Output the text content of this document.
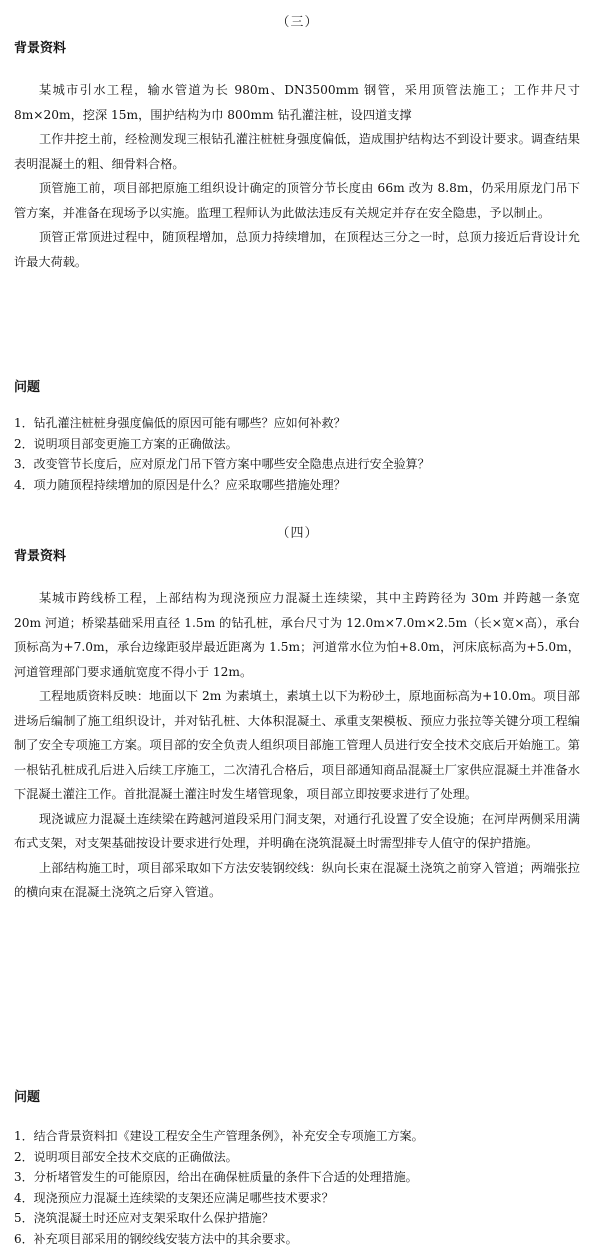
（三）
背景资料

某城市引水工程，输水管道为长 980m、DN3500mm 钢管，采用顶管法施工；工作井尺寸8m×20m，挖深 15m，围护结构为巾 800mm 钻孔灌注桩，设四道支撑

工作井挖土前，经检测发现三根钻孔灌注桩桩身强度偏低，造成围护结构达不到设计要求。调查结果表明混凝土的粗、细骨料合格。

顶管施工前，项目部把原施工组织设计确定的顶管分节长度由 66m 改为 8.8m，仍采用原龙门吊下管方案，并准备在现场予以实施。监理工程师认为此做法违反有关规定并存在安全隐患，予以制止。

顶管正常顶进过程中，随顶程增加，总顶力持续增加，在顶程达三分之一时，总顶力接近后背设计允许最大荷载。

问题
1．钻孔灌注桩桩身强度偏低的原因可能有哪些？应如何补救？
2．说明项目部变更施工方案的正确做法。
3．改变管节长度后，应对原龙门吊下管方案中哪些安全隐患点进行安全验算？
4．项力随顶程持续增加的原因是什么？应采取哪些措施处理？
（四）
背景资料

某城市跨线桥工程，上部结构为现浇预应力混凝土连续梁，其中主跨跨径为 30m 并跨越一条宽 20m 河道；桥梁基础采用直径 1.5m 的钻孔桩，承台尺寸为 12.0m×7.0m×2.5m（长×宽×高），承台顶标高为+7.0m，承台边缘距驳岸最近距离为 1.5m；河道常水位为怕+8.0m，河床底标高为+5.0m，河道管理部门要求通航宽度不得小于 12m。

工程地质资料反映：地面以下 2m 为素填土，素填土以下为粉砂土，原地面标高为+10.0m。项目部进场后编制了施工组织设计，并对钻孔桩、大体积混凝土、承重支架模板、预应力张拉等关键分项工程编制了安全专项施工方案。项目部的安全负责人组织项目部施工管理人员进行安全技术交底后开始施工。第一根钻孔桩成孔后进入后续工序施工，二次清孔合格后，项目部通知商品混凝土厂家供应混凝土并准备水下混凝土灌注工作。首批混凝土灌注时发生堵管现象，项目部立即按要求进行了处理。

现浇诚应力混凝土连续梁在跨越河道段采用门洞支架，对通行孔设置了安全设施；在河岸两侧采用满布式支架，对支架基础按设计要求进行处理，并明确在浇筑混凝土时需型排专人值守的保护措施。

上部结构施工时，项目部采取如下方法安装钢绞线：纵向长束在混凝土浇筑之前穿入管道；两端张拉的横向束在混凝土浇筑之后穿入管道。

问题
1．结合背景资料扣《建设工程安全生产管理条例》，补充安全专项施工方案。
2．说明项目部安全技术交底的正确做法。
3．分析堵管发生的可能原因，给出在确保桩质量的条件下合适的处理措施。
4．现浇预应力混凝土连续梁的支架还应满足哪些技术要求？
5．浇筑混凝土时还应对支架采取什么保护措施？
6．补充项目部采用的钢绞线安装方法中的其余要求。
